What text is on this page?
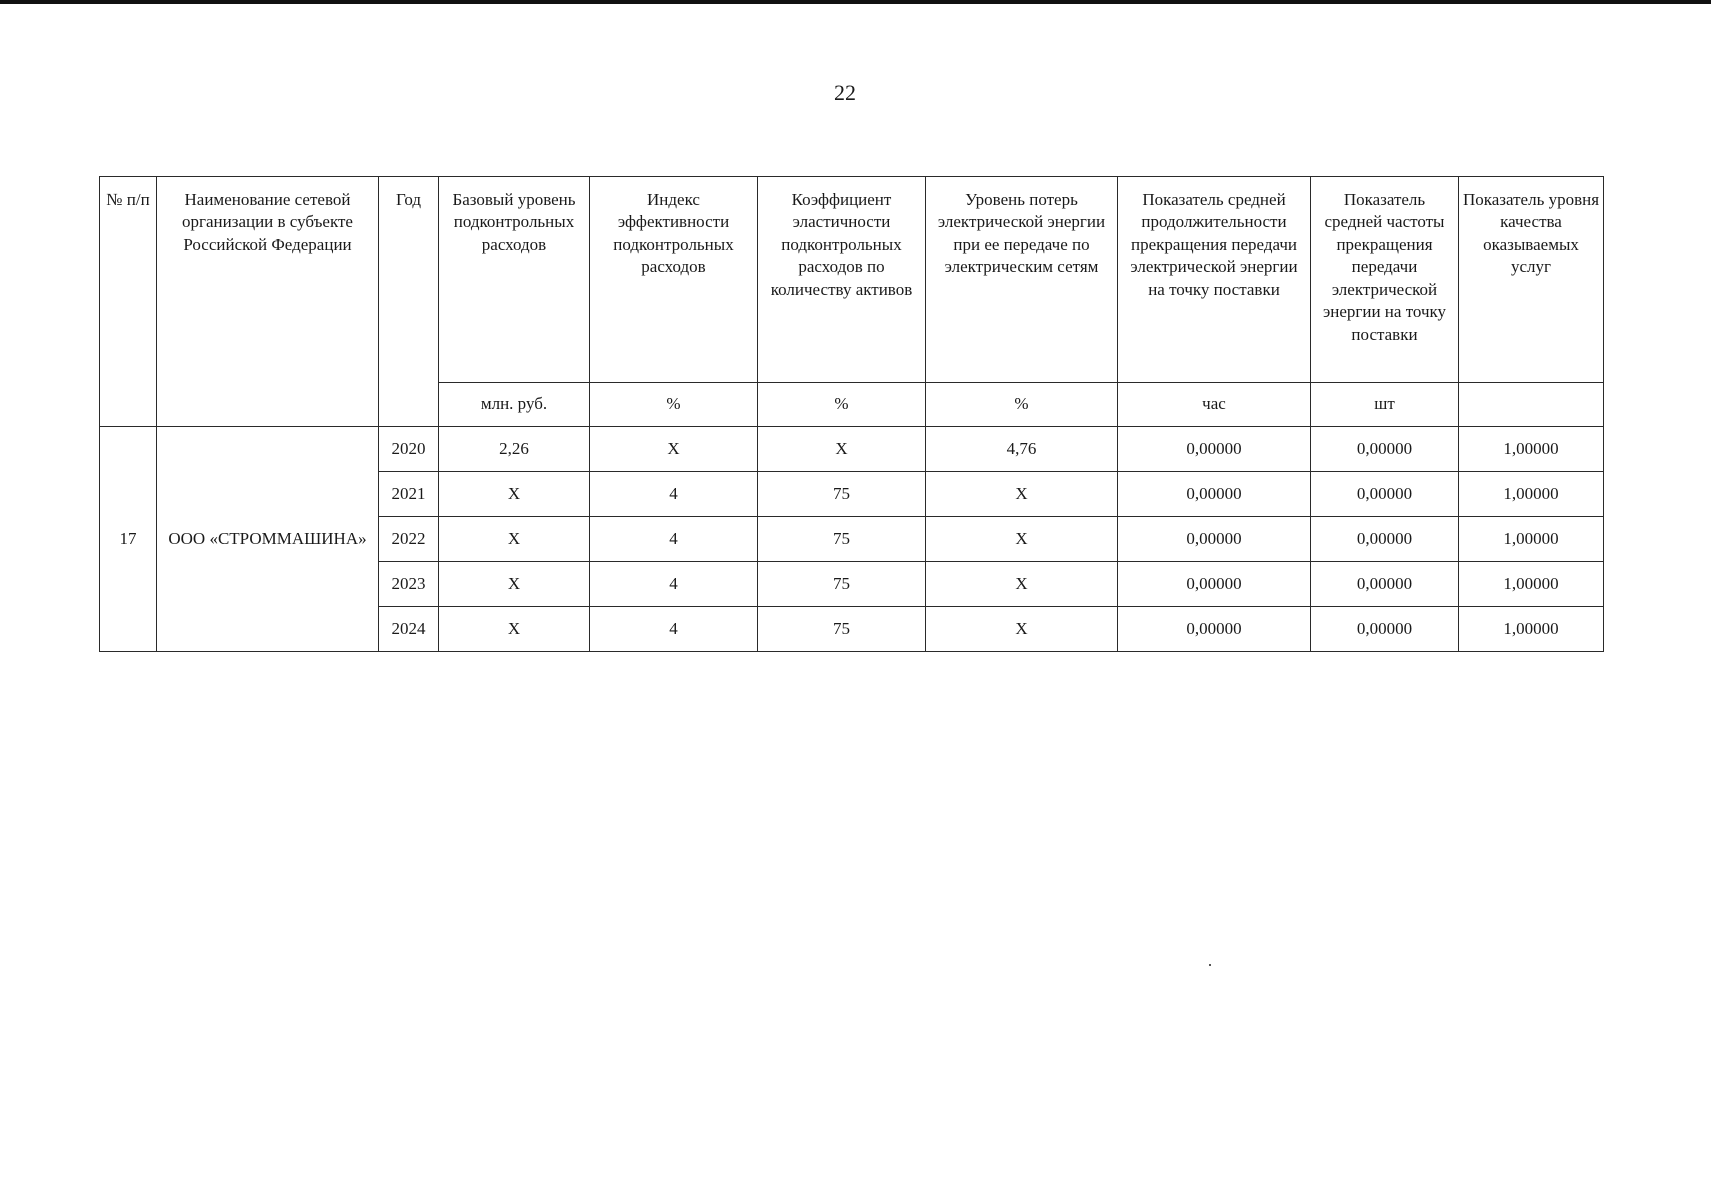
22
№ п/п	Наименование сетевой организации в субъекте Российской Федерации	Год	Базовый уровень подконтрольных расходов	Индекс эффективности подконтрольных расходов	Коэффициент эластичности подконтрольных расходов по количеству активов	Уровень потерь электрической энергии при ее передаче по электрическим сетям	Показатель средней продолжительности прекращения передачи электрической энергии на точку поставки	Показатель средней частоты прекращения передачи электрической энергии на точку поставки	Показатель уровня качества оказываемых услуг
			млн. руб.	%	%	%	час	шт	
17	ООО «СТРОММАШИНА»	2020	2,26	X	X	4,76	0,00000	0,00000	1,00000
		2021	X	4	75	X	0,00000	0,00000	1,00000
		2022	X	4	75	X	0,00000	0,00000	1,00000
		2023	X	4	75	X	0,00000	0,00000	1,00000
		2024	X	4	75	X	0,00000	0,00000	1,00000
